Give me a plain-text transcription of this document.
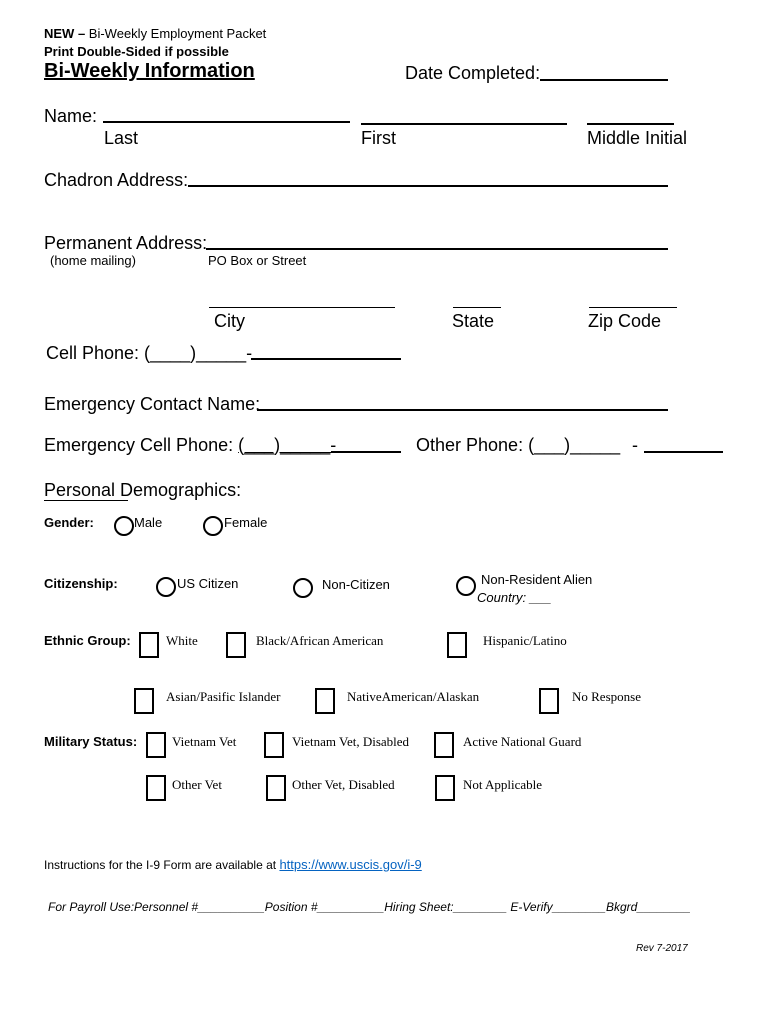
NEW – Bi-Weekly Employment Packet
Print Double-Sided if possible
Bi-Weekly Information	Date Completed:
Name:
Last	First	Middle Initial
Chadron Address:
Permanent Address:
(home mailing)	PO Box or Street
City	State	Zip Code
Cell Phone: (____)_____-
Emergency Contact Name:
Emergency Cell Phone: (___)_____-	Other Phone: (___)_____ -
Personal Demographics:
Gender:	Male	Female
Citizenship:	US Citizen	Non-Citizen	Non-Resident Alien
Country: ___
Ethnic Group:	White	Black/African American	Hispanic/Latino
Asian/Pasific Islander	NativeAmerican/Alaskan	No Response
Military Status:	Vietnam Vet	Vietnam Vet, Disabled	Active National Guard
Other Vet	Other Vet, Disabled	Not Applicable
Instructions for the I-9 Form are available at https://www.uscis.gov/i-9
For Payroll Use:Personnel #__________Position #__________Hiring Sheet:________ E-Verify________Bkgrd________
Rev 7-2017
